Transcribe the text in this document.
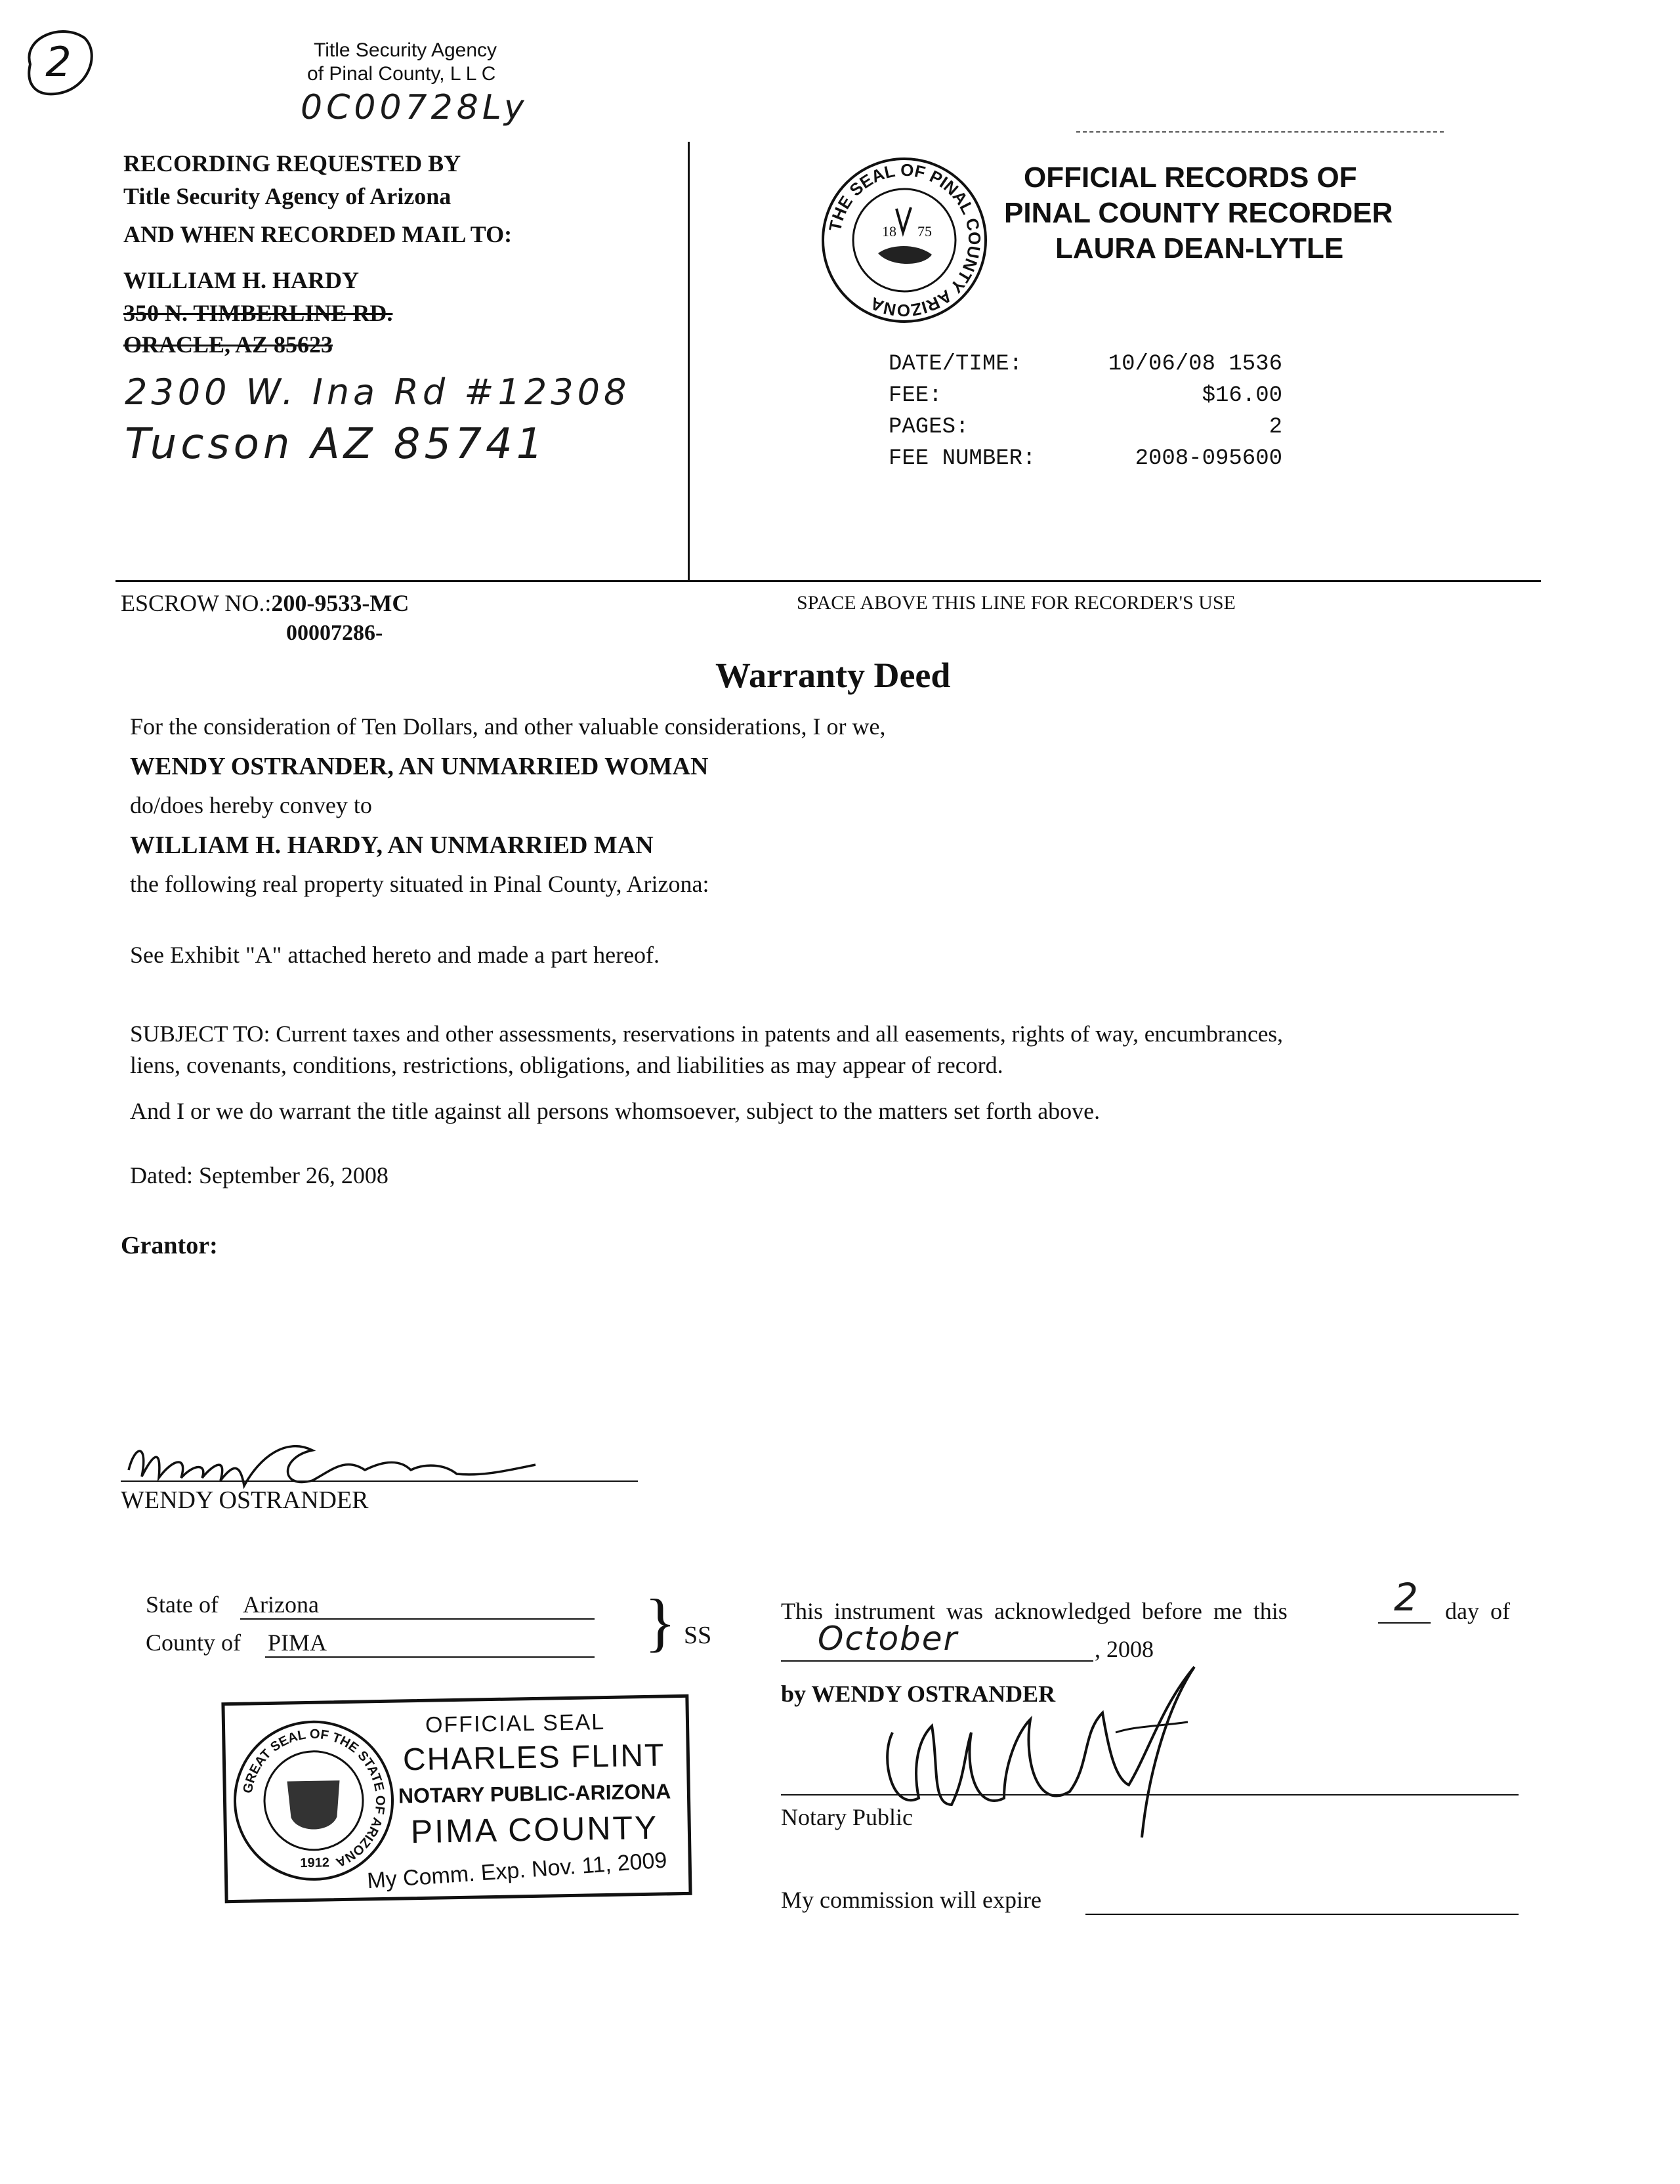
2	Title Security Agency
of Pinal County, L L C
0C00728Ly
RECORDING REQUESTED BY
Title Security Agency of Arizona
AND WHEN RECORDED MAIL TO:
WILLIAM H. HARDY
350 N. TIMBERLINE RD.
ORACLE, AZ 85623
2300 W. Ina Rd #12308
Tucson AZ 85741
THE SEAL OF PINAL COUNTY ARIZONA
18 75
OFFICIAL RECORDS OF
PINAL COUNTY RECORDER
LAURA DEAN-LYTLE
DATE/TIME:	10/06/08 1536
FEE:	$16.00
PAGES:	2
FEE NUMBER:	2008-095600
ESCROW NO.:200-9533-MC
00007286-
SPACE ABOVE THIS LINE FOR RECORDER'S USE
Warranty Deed
For the consideration of Ten Dollars, and other valuable considerations, I or we,
WENDY OSTRANDER, AN UNMARRIED WOMAN
do/does hereby convey to
WILLIAM H. HARDY, AN UNMARRIED MAN
the following real property situated in Pinal County, Arizona:
See Exhibit "A" attached hereto and made a part hereof.
SUBJECT TO: Current taxes and other assessments, reservations in patents and all easements, rights of way, encumbrances,
liens, covenants, conditions, restrictions, obligations, and liabilities as may appear of record.
And I or we do warrant the title against all persons whomsoever, subject to the matters set forth above.
Dated: September 26, 2008
Grantor:
WENDY OSTRANDER
State of Arizona
County of PIMA	} SS
GREAT SEAL OF THE STATE OF ARIZONA
1912
OFFICIAL SEAL
CHARLES FLINT
NOTARY PUBLIC-ARIZONA
PIMA COUNTY
My Comm. Exp. Nov. 11, 2009
This instrument was acknowledged before me this	2 day of
October	, 2008
by WENDY OSTRANDER
Notary Public
My commission will expire
